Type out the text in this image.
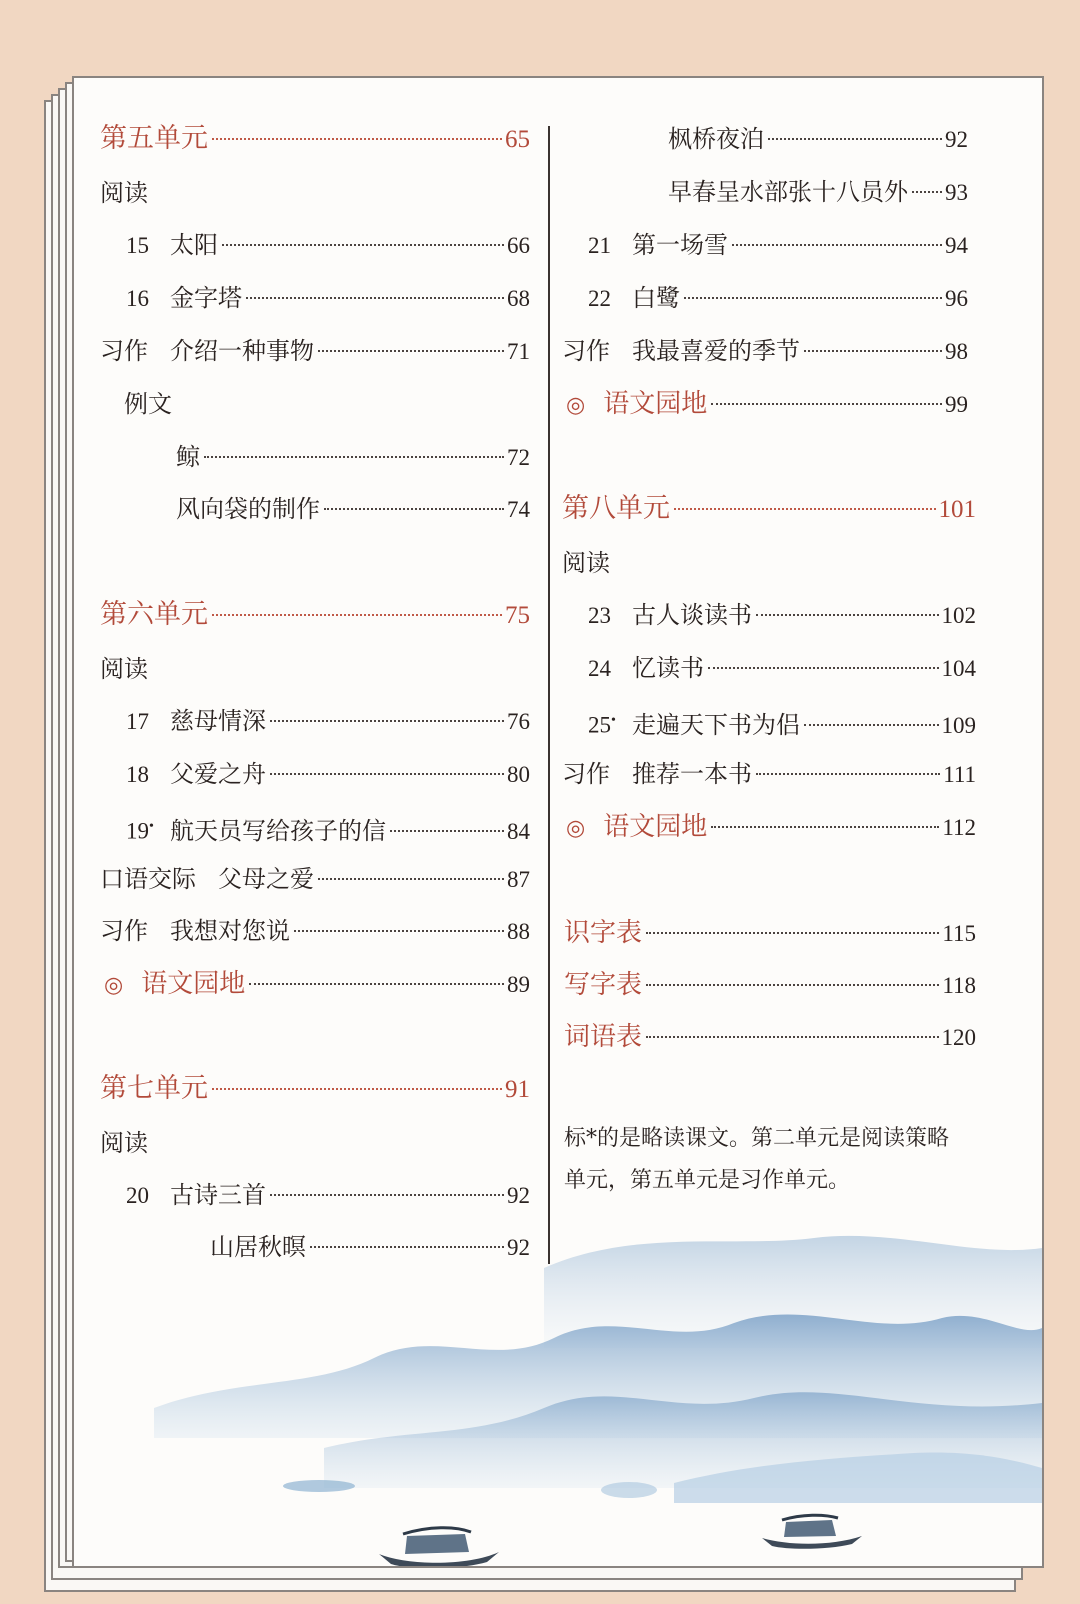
第五单元	65
阅读
15 太阳	66
16 金字塔	68
习作 介绍一种事物	71
例文
鲸	72
风向袋的制作	74
第六单元	75
阅读
17 慈母情深	76
18 父爱之舟	80
19• 航天员写给孩子的信	84
口语交际 父母之爱	87
习作 我想对您说	88
◎ 语文园地	89
第七单元	91
阅读
20 古诗三首	92
山居秋暝	92
枫桥夜泊	92
早春呈水部张十八员外 93
21 第一场雪	94
22 白鹭	96
习作 我最喜爱的季节	98
◎ 语文园地	99
第八单元	101
阅读
23 古人谈读书	102
24 忆读书	104
25• 走遍天下书为侣	109
习作 推荐一本书	111
◎ 语文园地	112
识字表	115
写字表	118
词语表	120
标*的是略读课文。第二单元是阅读策略
单元，第五单元是习作单元。
